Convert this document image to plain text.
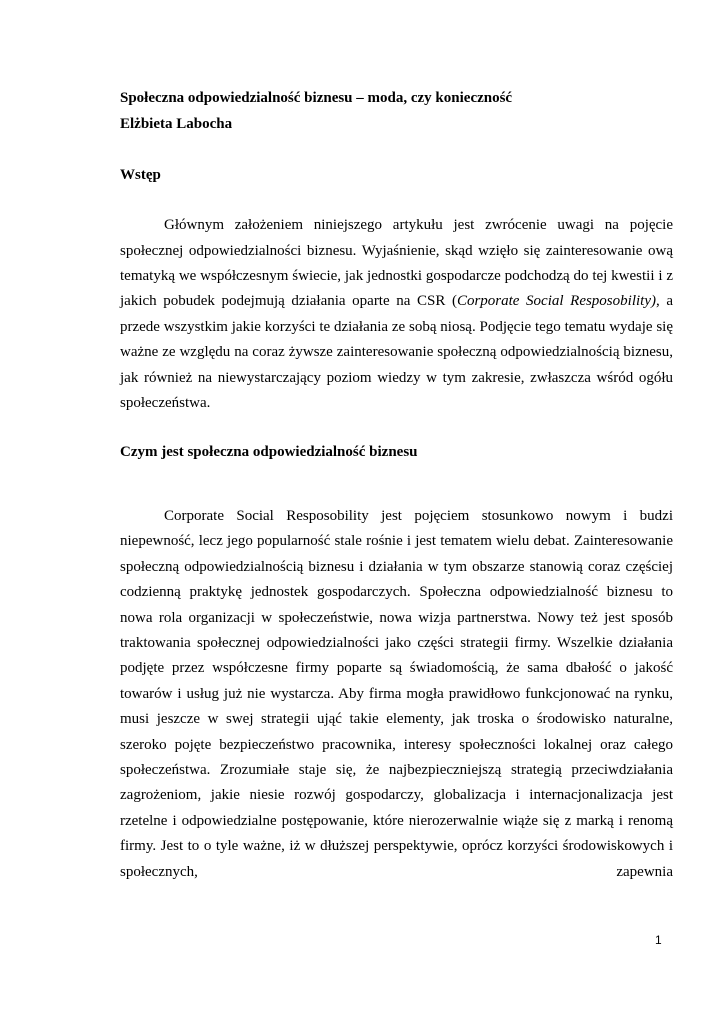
Społeczna odpowiedzialność biznesu – moda, czy konieczność

Elżbieta Labocha

Wstęp

Głównym założeniem niniejszego artykułu jest zwrócenie uwagi na pojęcie społecznej odpowiedzialności biznesu. Wyjaśnienie, skąd wzięło się zainteresowanie ową tematyką we współczesnym świecie, jak jednostki gospodarcze podchodzą do tej kwestii i z jakich pobudek podejmują działania oparte na CSR (Corporate Social Resposobility), a przede wszystkim jakie korzyści te działania ze sobą niosą. Podjęcie tego tematu wydaje się ważne ze względu na coraz żywsze zainteresowanie społeczną odpowiedzialnością biznesu, jak również na niewystarczający poziom wiedzy w tym zakresie, zwłaszcza wśród ogółu społeczeństwa.

Czym jest społeczna odpowiedzialność biznesu

Corporate Social Resposobility jest pojęciem stosunkowo nowym i budzi niepewność, lecz jego popularność stale rośnie i jest tematem wielu debat. Zainteresowanie społeczną odpowiedzialnością biznesu i działania w tym obszarze stanowią coraz częściej codzienną praktykę jednostek gospodarczych. Społeczna odpowiedzialność biznesu to nowa rola organizacji w społeczeństwie, nowa wizja partnerstwa. Nowy też jest sposób traktowania społecznej odpowiedzialności jako części strategii firmy. Wszelkie działania podjęte przez współczesne firmy poparte są świadomością, że sama dbałość o jakość towarów i usług już nie wystarcza. Aby firma mogła prawidłowo funkcjonować na rynku, musi jeszcze w swej strategii ująć takie elementy, jak troska o środowisko naturalne, szeroko pojęte bezpieczeństwo pracownika, interesy społeczności lokalnej oraz całego społeczeństwa. Zrozumiałe staje się, że najbezpieczniejszą strategią przeciwdziałania zagrożeniom, jakie niesie rozwój gospodarczy, globalizacja i internacjonalizacja jest rzetelne i odpowiedzialne postępowanie, które nierozerwalnie wiąże się z marką i renomą firmy. Jest to o tyle ważne, iż w dłuższej perspektywie, oprócz korzyści środowiskowych i społecznych, zapewnia

1
